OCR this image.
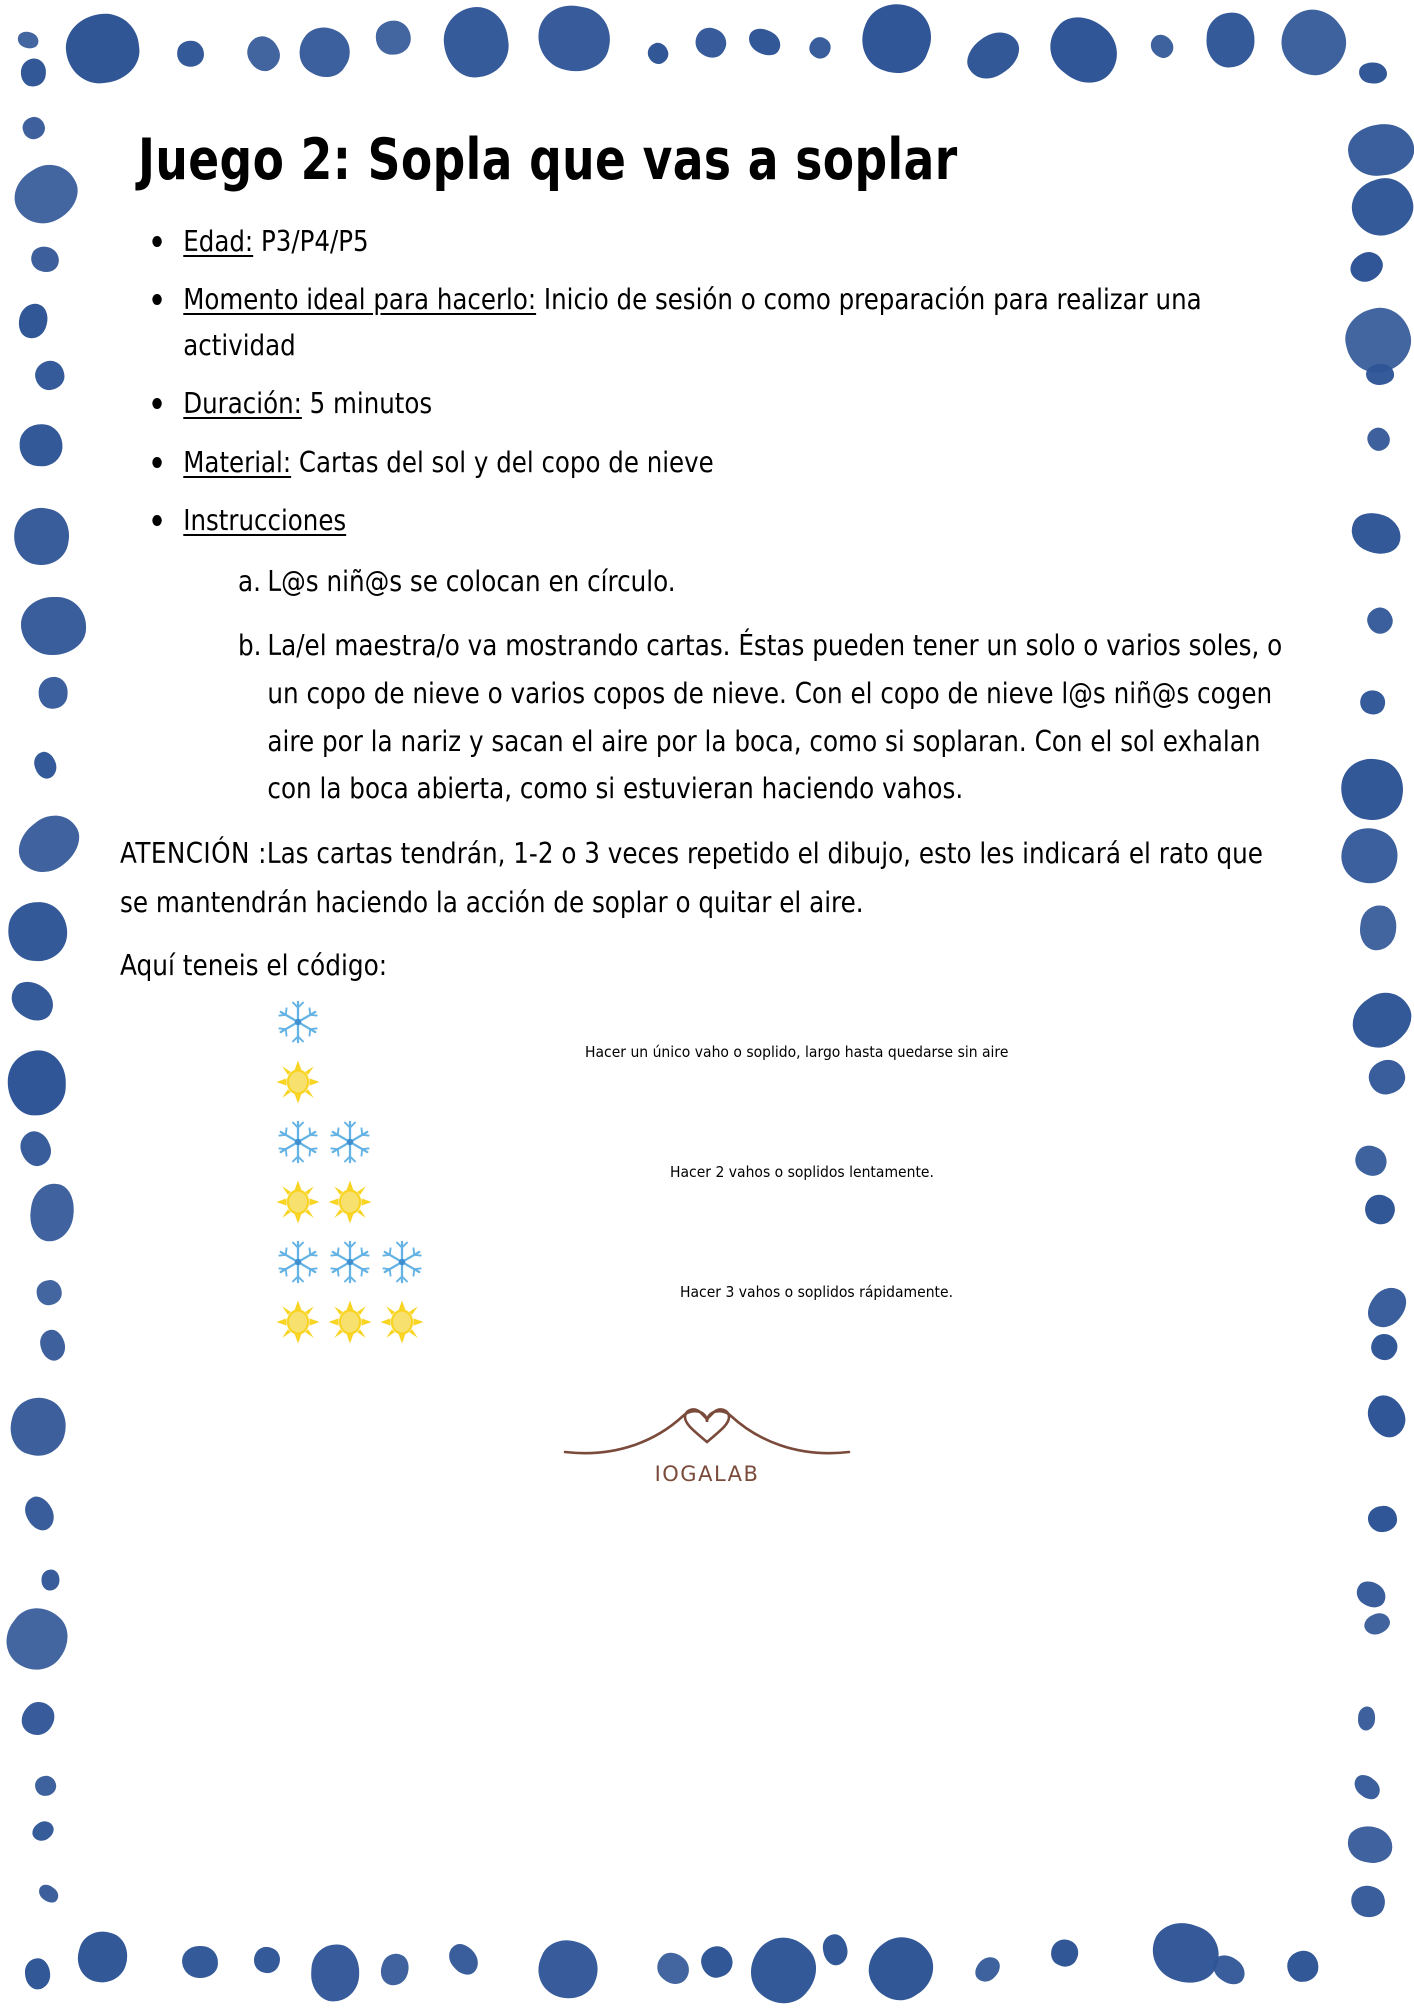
Juego 2: Sopla que vas a soplar
Edad: P3/P4/P5
Momento ideal para hacerlo: Inicio de sesión o como preparación para realizar una actividad
Duración: 5 minutos
Material: Cartas del sol y del copo de nieve
Instrucciones
a. L@s niñ@s se colocan en círculo.
b. La/el maestra/o va mostrando cartas. Éstas pueden tener un solo o varios soles, o un copo de nieve o varios copos de nieve. Con el copo de nieve l@s niñ@s cogen aire por la nariz y sacan el aire por la boca, como si soplaran. Con el sol exhalan con la boca abierta, como si estuvieran haciendo vahos.

ATENCIÓN :Las cartas tendrán, 1-2 o 3 veces repetido el dibujo, esto les indicará el rato que se mantendrán haciendo la acción de soplar o quitar el aire.

Aquí teneis el código:

Hacer un único vaho o soplido, largo hasta quedarse sin aire
Hacer 2 vahos o soplidos lentamente.
Hacer 3 vahos o soplidos rápidamente.
IOGALAB
